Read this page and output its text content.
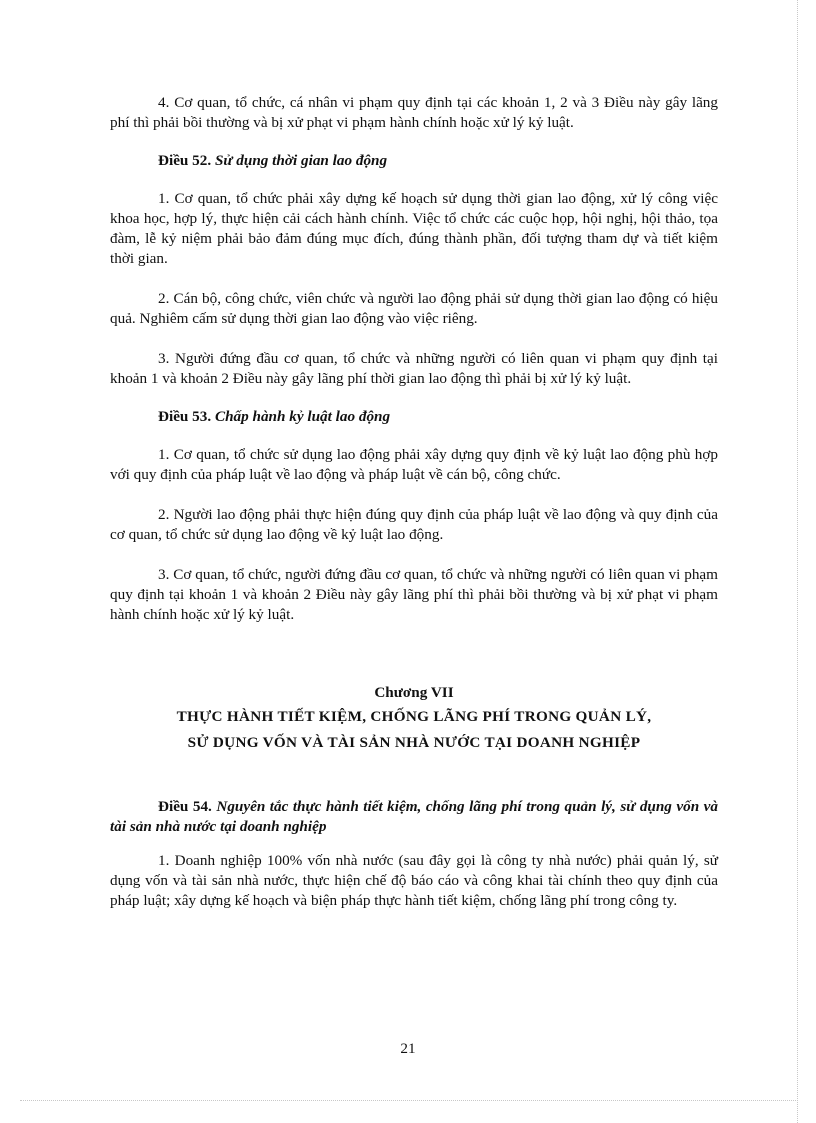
4. Cơ quan, tổ chức, cá nhân vi phạm quy định tại các khoản 1, 2 và 3 Điều này gây lãng phí thì phải bồi thường và bị xử phạt vi phạm hành chính hoặc xử lý kỷ luật.

Điều 52. Sử dụng thời gian lao động

1. Cơ quan, tổ chức phải xây dựng kế hoạch sử dụng thời gian lao động, xử lý công việc khoa học, hợp lý, thực hiện cải cách hành chính. Việc tổ chức các cuộc họp, hội nghị, hội thảo, tọa đàm, lễ kỷ niệm phải bảo đảm đúng mục đích, đúng thành phần, đối tượng tham dự và tiết kiệm thời gian.

2. Cán bộ, công chức, viên chức và người lao động phải sử dụng thời gian lao động có hiệu quả. Nghiêm cấm sử dụng thời gian lao động vào việc riêng.

3. Người đứng đầu cơ quan, tổ chức và những người có liên quan vi phạm quy định tại khoản 1 và khoản 2 Điều này gây lãng phí thời gian lao động thì phải bị xử lý kỷ luật.

Điều 53. Chấp hành kỷ luật lao động

1. Cơ quan, tổ chức sử dụng lao động phải xây dựng quy định về kỷ luật lao động phù hợp với quy định của pháp luật về lao động và pháp luật về cán bộ, công chức.

2. Người lao động phải thực hiện đúng quy định của pháp luật về lao động và quy định của cơ quan, tổ chức sử dụng lao động về kỷ luật lao động.

3. Cơ quan, tổ chức, người đứng đầu cơ quan, tổ chức và những người có liên quan vi phạm quy định tại khoản 1 và khoản 2 Điều này gây lãng phí thì phải bồi thường và bị xử phạt vi phạm hành chính hoặc xử lý kỷ luật.

Chương VII

THỰC HÀNH TIẾT KIỆM, CHỐNG LÃNG PHÍ TRONG QUẢN LÝ,

SỬ DỤNG VỐN VÀ TÀI SẢN NHÀ NƯỚC TẠI DOANH NGHIỆP

Điều 54. Nguyên tắc thực hành tiết kiệm, chống lãng phí trong quản lý, sử dụng vốn và tài sản nhà nước tại doanh nghiệp

1. Doanh nghiệp 100% vốn nhà nước (sau đây gọi là công ty nhà nước) phải quản lý, sử dụng vốn và tài sản nhà nước, thực hiện chế độ báo cáo và công khai tài chính theo quy định của pháp luật; xây dựng kế hoạch và biện pháp thực hành tiết kiệm, chống lãng phí trong công ty.

21
